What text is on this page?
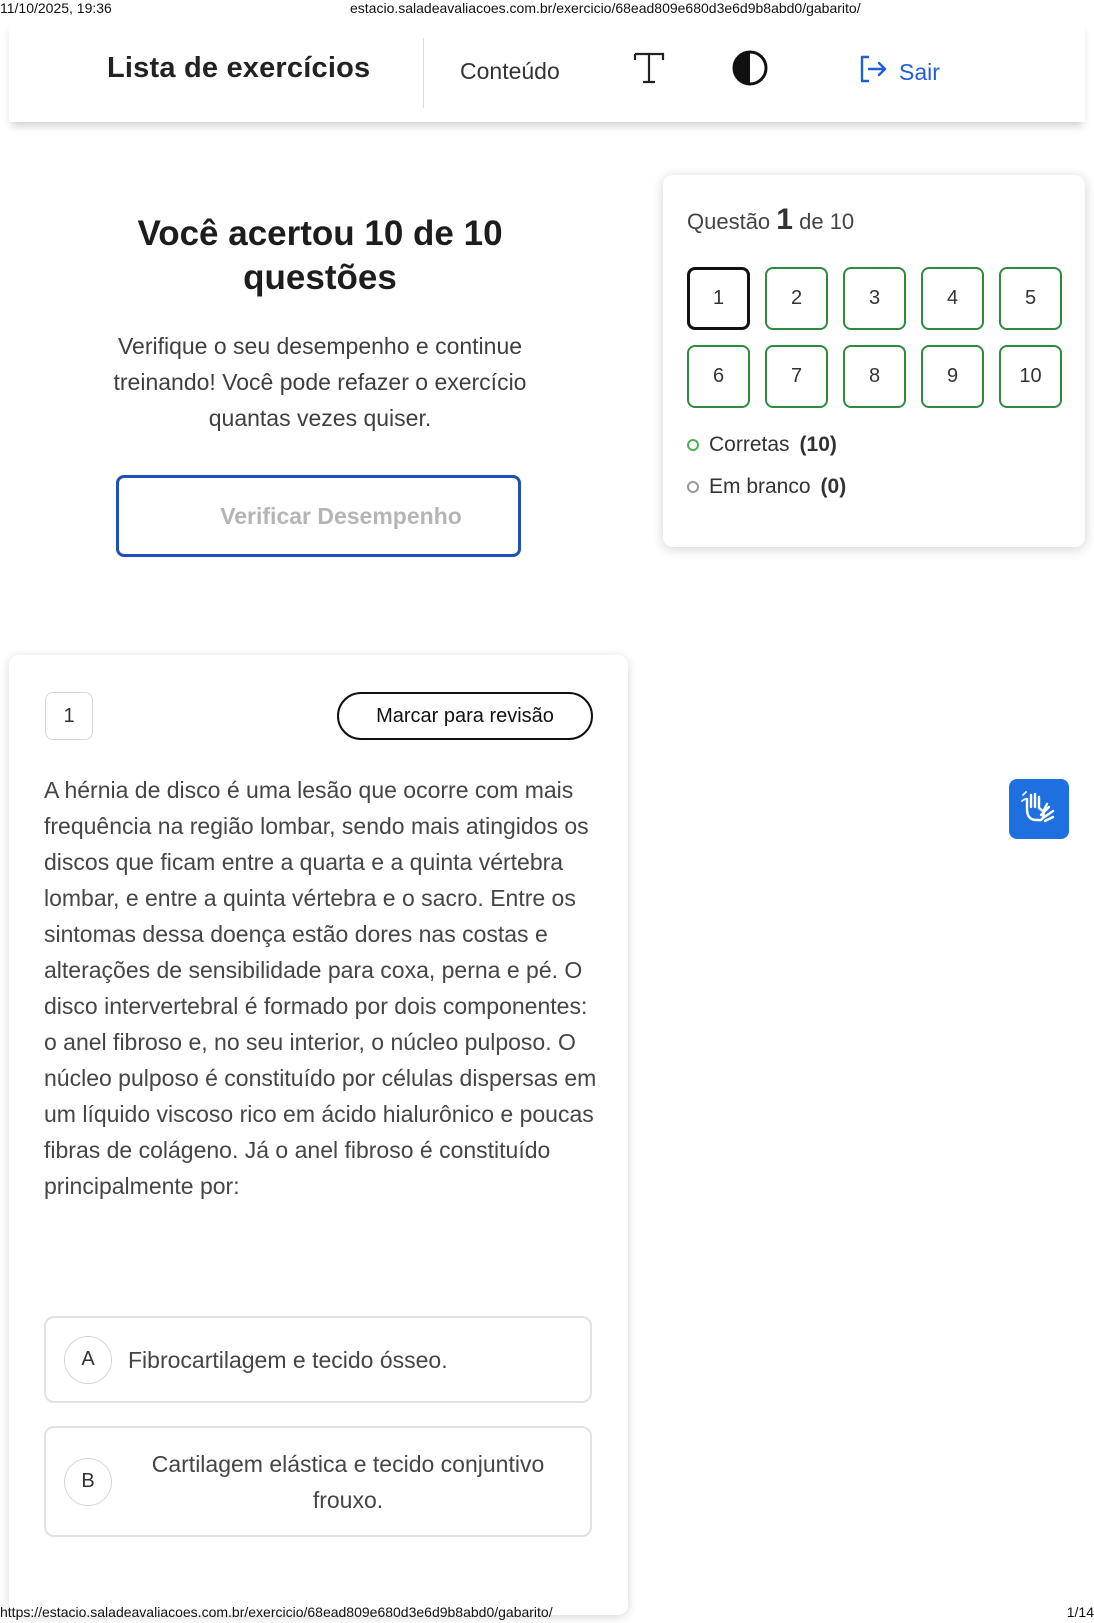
11/10/2025, 19:36	estacio.saladeavaliacoes.com.br/exercicio/68ead809e680d3e6d9b8abd0/gabarito/
Lista de exercícios	Conteúdo	Sair
Você acertou 10 de 10 questões

Verifique o seu desempenho e continue treinando! Você pode refazer o exercício quantas vezes quiser.

Verificar Desempenho
Questão 1 de 10
1	2	3	4	5
6	7	8	9	10
Corretas (10)
Em branco (0)
1	Marcar para revisão
A hérnia de disco é uma lesão que ocorre com mais frequência na região lombar, sendo mais atingidos os discos que ficam entre a quarta e a quinta vértebra lombar, e entre a quinta vértebra e o sacro. Entre os sintomas dessa doença estão dores nas costas e alterações de sensibilidade para coxa, perna e pé. O disco intervertebral é formado por dois componentes: o anel fibroso e, no seu interior, o núcleo pulposo. O núcleo pulposo é constituído por células dispersas em um líquido viscoso rico em ácido hialurônico e poucas fibras de colágeno. Já o anel fibroso é constituído principalmente por:
A	Fibrocartilagem e tecido ósseo.
B
Cartilagem elástica e tecido conjuntivo frouxo.
https://estacio.saladeavaliacoes.com.br/exercicio/68ead809e680d3e6d9b8abd0/gabarito/	1/14
